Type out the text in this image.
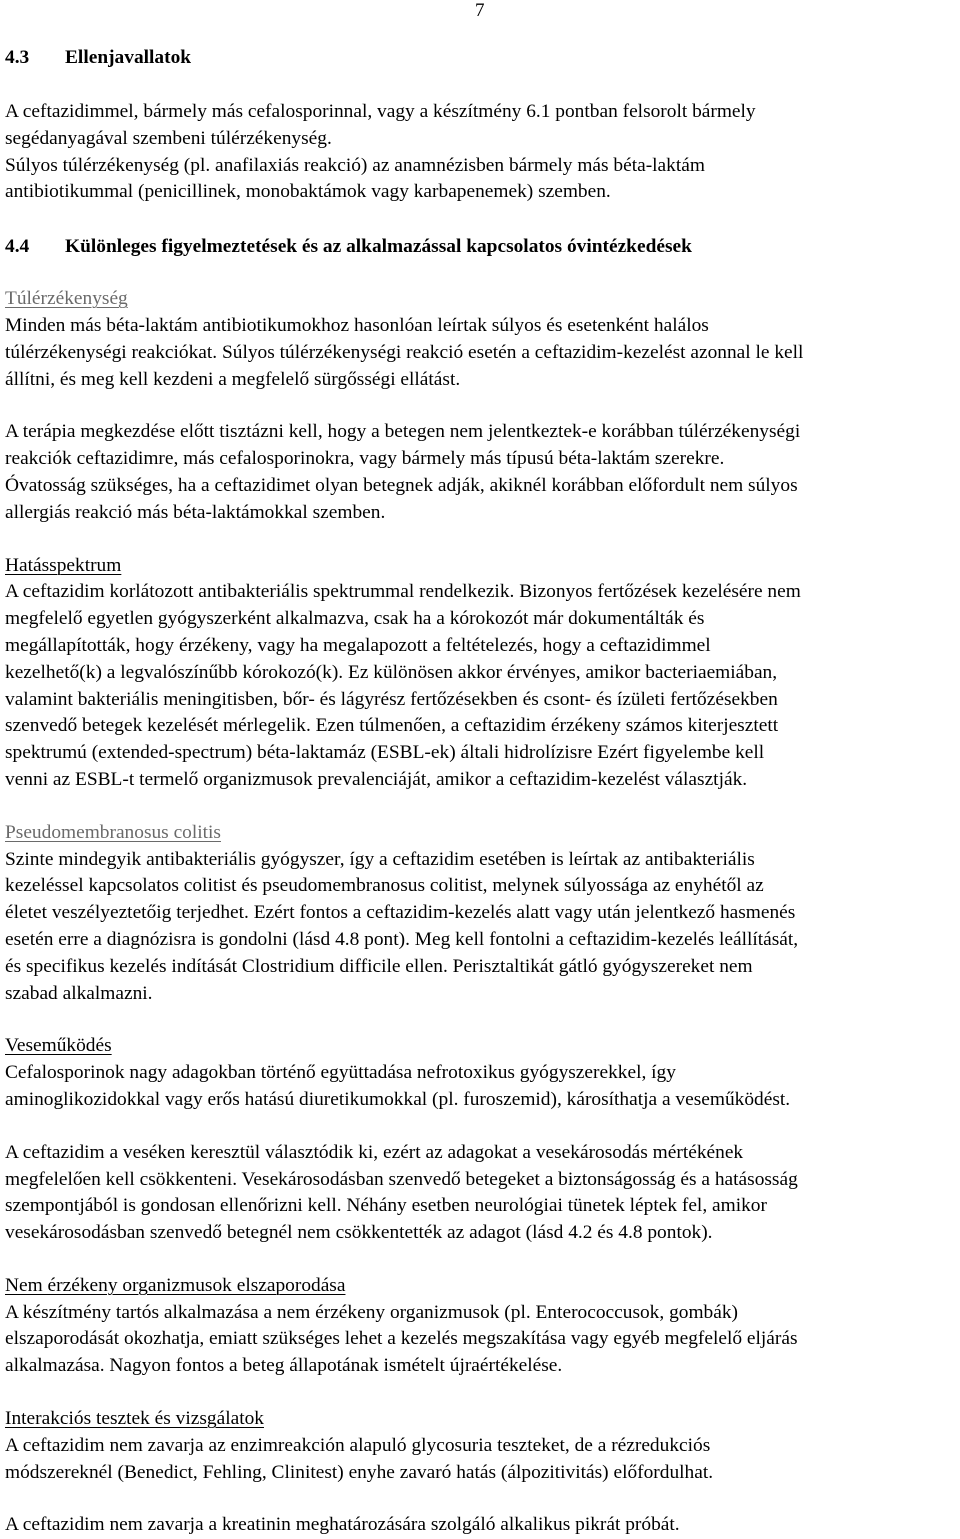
7
4.3	Ellenjavallatok

A ceftazidimmel, bármely más cefalosporinnal, vagy a készítmény 6.1 pontban felsorolt bármely
segédanyagával szembeni túlérzékenység.
Súlyos túlérzékenység (pl. anafilaxiás reakció) az anamnézisben bármely más béta-laktám
antibiotikummal (penicillinek, monobaktámok vagy karbapenemek) szemben.

4.4	Különleges figyelmeztetések és az alkalmazással kapcsolatos óvintézkedések

Túlérzékenység

Minden más béta-laktám antibiotikumokhoz hasonlóan leírtak súlyos és esetenként halálos
túlérzékenységi reakciókat. Súlyos túlérzékenységi reakció esetén a ceftazidim-kezelést azonnal le kell
állítni, és meg kell kezdeni a megfelelő sürgősségi ellátást.

A terápia megkezdése előtt tisztázni kell, hogy a betegen nem jelentkeztek-e korábban túlérzékenységi
reakciók ceftazidimre, más cefalosporinokra, vagy bármely más típusú béta-laktám szerekre.
Óvatosság szükséges, ha a ceftazidimet olyan betegnek adják, akiknél korábban előfordult nem súlyos
allergiás reakció más béta-laktámokkal szemben.

Hatásspektrum

A ceftazidim korlátozott antibakteriális spektrummal rendelkezik. Bizonyos fertőzések kezelésére nem
megfelelő egyetlen gyógyszerként alkalmazva, csak ha a kórokozót már dokumentálták és
megállapították, hogy érzékeny, vagy ha megalapozott a feltételezés, hogy a ceftazidimmel
kezelhető(k) a legvalószínűbb kórokozó(k). Ez különösen akkor érvényes, amikor bacteriaemiában,
valamint bakteriális meningitisben, bőr- és lágyrész fertőzésekben és csont- és ízületi fertőzésekben
szenvedő betegek kezelését mérlegelik. Ezen túlmenően, a ceftazidim érzékeny számos kiterjesztett
spektrumú (extended-spectrum) béta-laktamáz (ESBL-ek) általi hidrolízisre Ezért figyelembe kell
venni az ESBL-t termelő organizmusok prevalenciáját, amikor a ceftazidim-kezelést választják.

Pseudomembranosus colitis

Szinte mindegyik antibakteriális gyógyszer, így a ceftazidim esetében is leírtak az antibakteriális
kezeléssel kapcsolatos colitist és pseudomembranosus colitist, melynek súlyossága az enyhétől az
életet veszélyeztetőig terjedhet. Ezért fontos a ceftazidim-kezelés alatt vagy után jelentkező hasmenés
esetén erre a diagnózisra is gondolni (lásd 4.8 pont). Meg kell fontolni a ceftazidim-kezelés leállítását,
és specifikus kezelés indítását Clostridium difficile ellen. Perisztaltikát gátló gyógyszereket nem
szabad alkalmazni.

Veseműködés

Cefalosporinok nagy adagokban történő együttadása nefrotoxikus gyógyszerekkel, így
aminoglikozidokkal vagy erős hatású diuretikumokkal (pl. furoszemid), károsíthatja a veseműködést.

A ceftazidim a veséken keresztül választódik ki, ezért az adagokat a vesekárosodás mértékének
megfelelően kell csökkenteni. Vesekárosodásban szenvedő betegeket a biztonságosság és a hatásosság
szempontjából is gondosan ellenőrizni kell. Néhány esetben neurológiai tünetek léptek fel, amikor
vesekárosodásban szenvedő betegnél nem csökkentették az adagot (lásd 4.2 és 4.8 pontok).

Nem érzékeny organizmusok elszaporodása

A készítmény tartós alkalmazása a nem érzékeny organizmusok (pl. Enterococcusok, gombák)
elszaporodását okozhatja, emiatt szükséges lehet a kezelés megszakítása vagy egyéb megfelelő eljárás
alkalmazása. Nagyon fontos a beteg állapotának ismételt újraértékelése.

Interakciós tesztek és vizsgálatok

A ceftazidim nem zavarja az enzimreakción alapuló glycosuria teszteket, de a rézredukciós
módszereknél (Benedict, Fehling, Clinitest) enyhe zavaró hatás (álpozitivitás) előfordulhat.

A ceftazidim nem zavarja a kreatinin meghatározására szolgáló alkalikus pikrát próbát.
